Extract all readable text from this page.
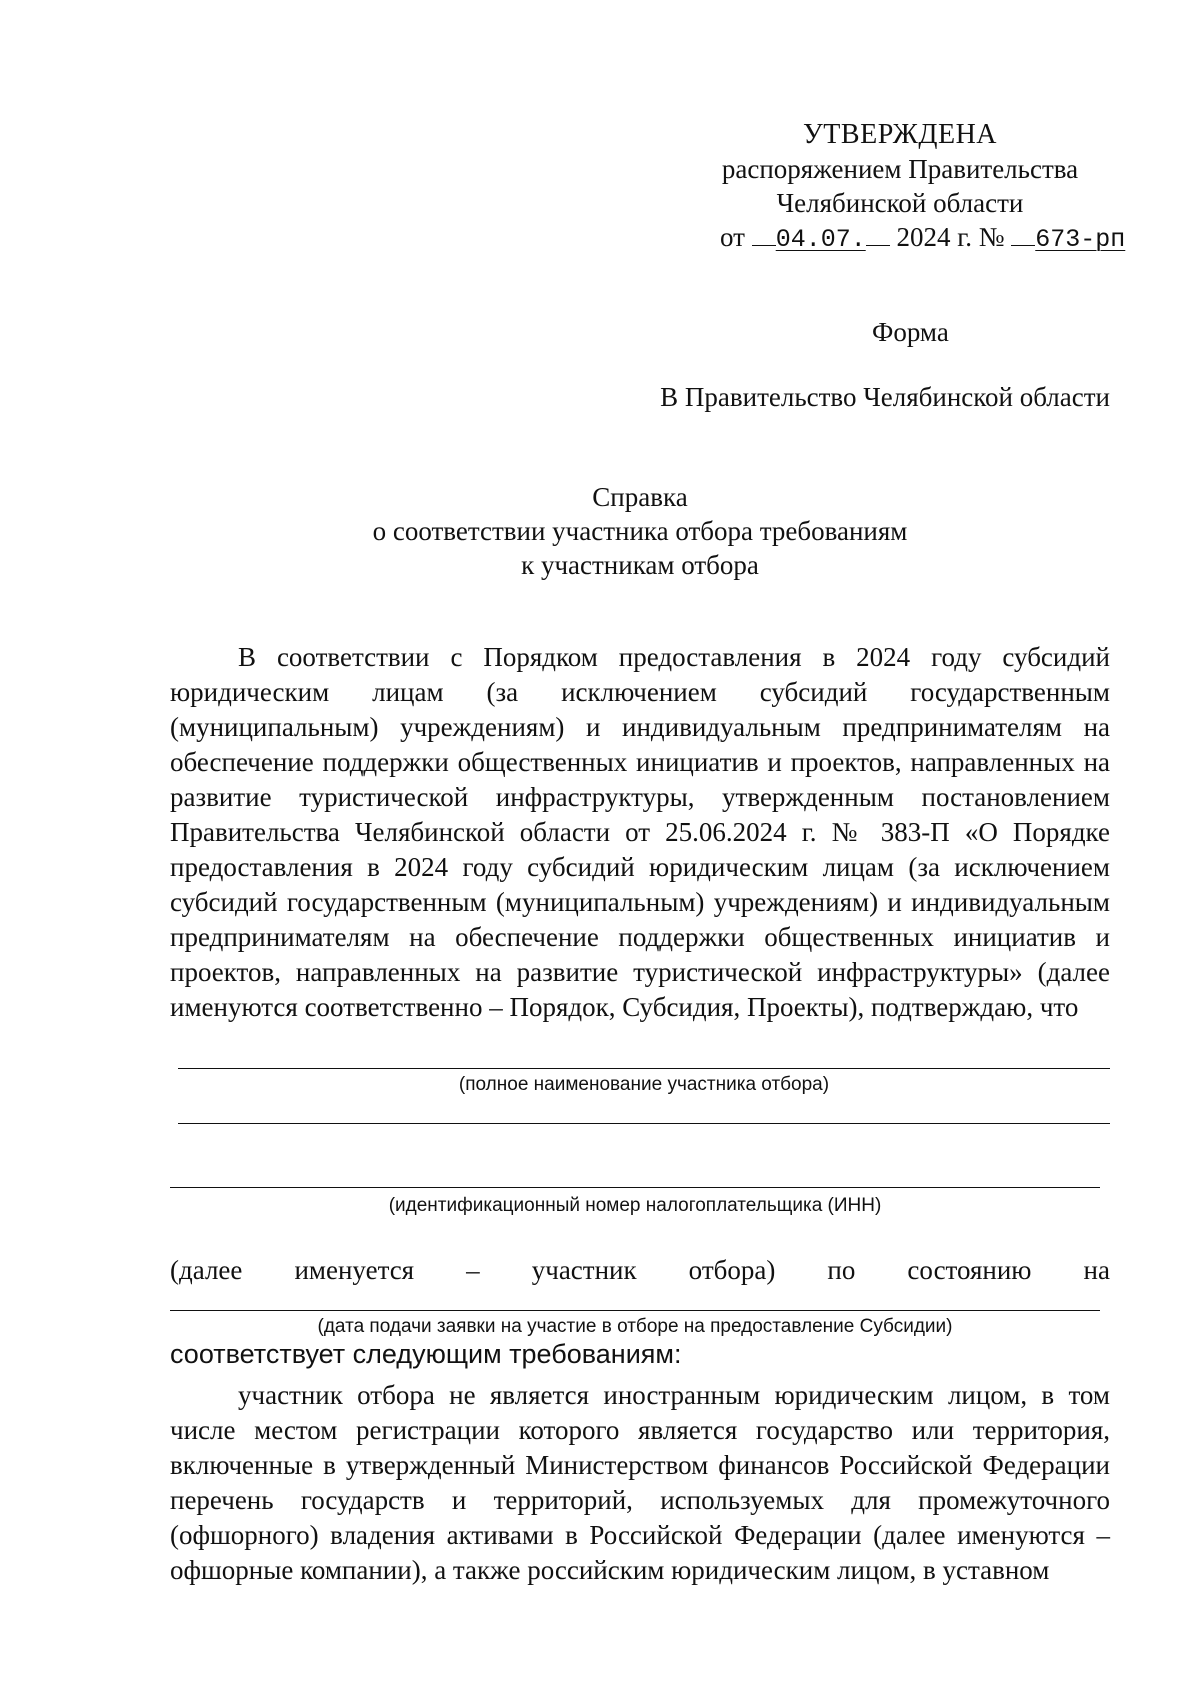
УТВЕРЖДЕНА
распоряжением Правительства
Челябинской области
от 04.07. 2024 г. № 673-рп
Форма
В Правительство Челябинской области
Справка
о соответствии участника отбора требованиям
к участникам отбора

В соответствии с Порядком предоставления в 2024 году субсидий юридическим лицам (за исключением субсидий государственным (муниципальным) учреждениям) и индивидуальным предпринимателям на обеспечение поддержки общественных инициатив и проектов, направленных на развитие туристической инфраструктуры, утвержденным постановлением Правительства Челябинской области от 25.06.2024 г. № 383-П «О Порядке предоставления в 2024 году субсидий юридическим лицам (за исключением субсидий государственным (муниципальным) учреждениям) и индивидуальным предпринимателям на обеспечение поддержки общественных инициатив и проектов, направленных на развитие туристической инфраструктуры» (далее именуются соответственно – Порядок, Субсидия, Проекты), подтверждаю, что

(полное наименование участника отбора)
(идентификационный номер налогоплательщика (ИНН)
(далее именуется – участник отбора) по состоянию на
(дата подачи заявки на участие в отборе на предоставление Субсидии)
соответствует следующим требованиям:

участник отбора не является иностранным юридическим лицом, в том числе местом регистрации которого является государство или территория, включенные в утвержденный Министерством финансов Российской Федерации перечень государств и территорий, используемых для промежуточного (офшорного) владения активами в Российской Федерации (далее именуются – офшорные компании), а также российским юридическим лицом, в уставном
